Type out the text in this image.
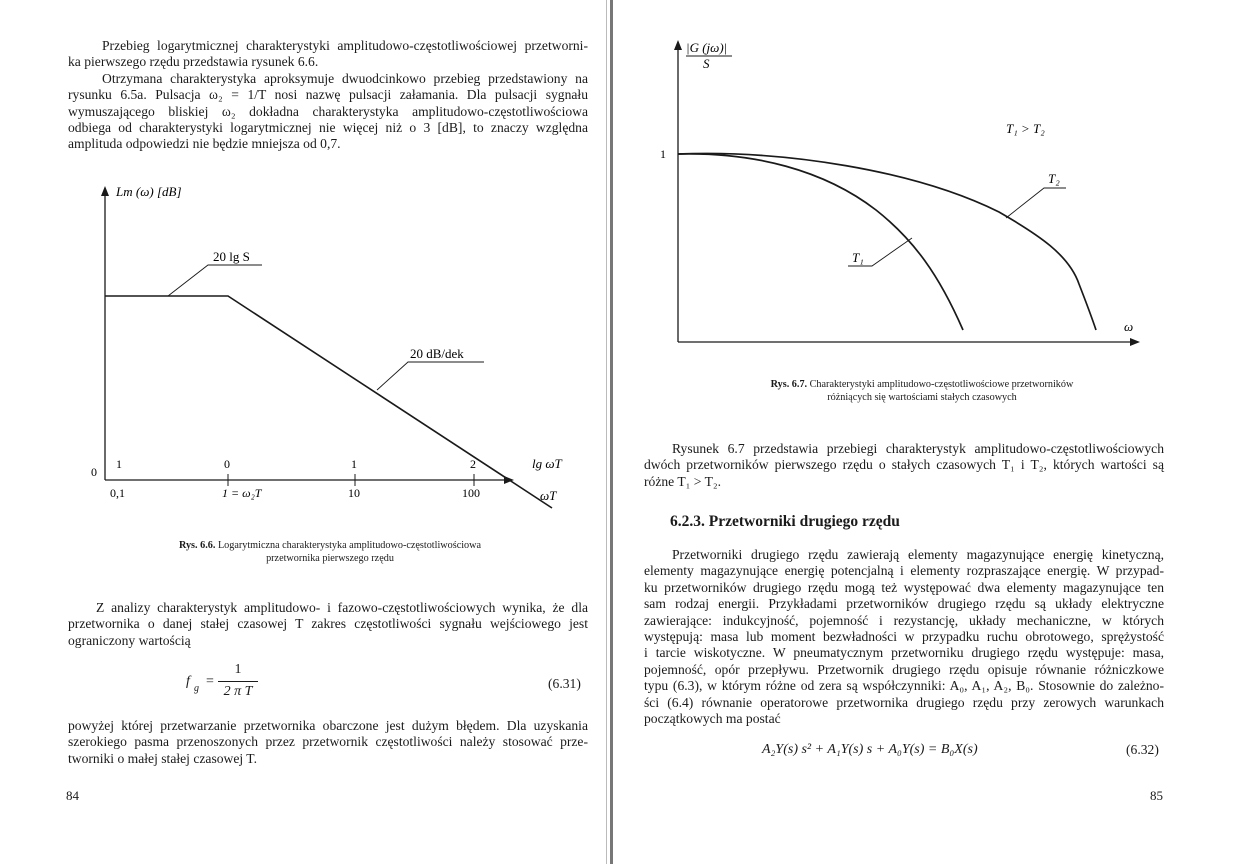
Przebieg logarytmicznej charakterystyki amplitudowo-częstotliwościowej przetworni-
ka pierwszego rzędu przedstawia rysunek 6.6.
Otrzymana charakterystyka aproksymuje dwuodcinkowo przebieg przedstawiony na
rysunku 6.5a. Pulsacja ω₂ = 1/T nosi nazwę pulsacji załamania. Dla pulsacji sygnału
wymuszającego bliskiej ω₂ dokładna charakterystyka amplitudowo-częstotliwościowa
odbiega od charakterystyki logarytmicznej nie więcej niż o 3 [dB], to znaczy względna
amplituda odpowiedzi nie będzie mniejsza od 0,7.
Lm (ω) [dB]
20 lg S
20 dB/dek
0
1	0	1	2	lg ωT
0,1	1 = ω₂T	10	100	ωT
Rys. 6.6. Logarytmiczna charakterystyka amplitudowo-częstotliwościowa
przetwornika pierwszego rzędu
Z analizy charakterystyk amplitudowo- i fazowo-częstotliwościowych wynika, że dla
przetwornika o danej stałej czasowej T zakres częstotliwości sygnału wejściowego jest
ograniczony wartością
f g =
1
2 π T
(6.31)
powyżej której przetwarzanie przetwornika obarczone jest dużym błędem. Dla uzyskania
szerokiego pasma przenoszonych przez przetwornik częstotliwości należy stosować prze-
tworniki o małej stałej czasowej T.
84
|G (jω)|
S
ω
1
T₁
T₂
T₁ > T₂
Rys. 6.7. Charakterystyki amplitudowo-częstotliwościowe przetworników
różniących się wartościami stałych czasowych
Rysunek 6.7 przedstawia przebiegi charakterystyk amplitudowo-częstotliwościowych
dwóch przetworników pierwszego rzędu o stałych czasowych T₁ i T₂, których wartości są
różne T₁ > T₂.
6.2.3. Przetworniki drugiego rzędu
Przetworniki drugiego rzędu zawierają elementy magazynujące energię kinetyczną,
elementy magazynujące energię potencjalną i elementy rozpraszające energię. W przypad-
ku przetworników drugiego rzędu mogą też występować dwa elementy magazynujące ten
sam rodzaj energii. Przykładami przetworników drugiego rzędu są układy elektryczne
zawierające: indukcyjność, pojemność i rezystancję, układy mechaniczne, w których
występują: masa lub moment bezwładności w przypadku ruchu obrotowego, sprężystość
i tarcie wiskotyczne. W pneumatycznym przetworniku drugiego rzędu występuje: masa,
pojemność, opór przepływu. Przetwornik drugiego rzędu opisuje równanie różniczkowe
typu (6.3), w którym różne od zera są współczynniki: A₀, A₁, A₂, B₀. Stosownie do zależno-
ści (6.4) równanie operatorowe przetwornika drugiego rzędu przy zerowych warunkach
początkowych ma postać
A₂Y(s) s² + A₁Y(s) s + A₀Y(s) = B₀X(s)	(6.32)
85
